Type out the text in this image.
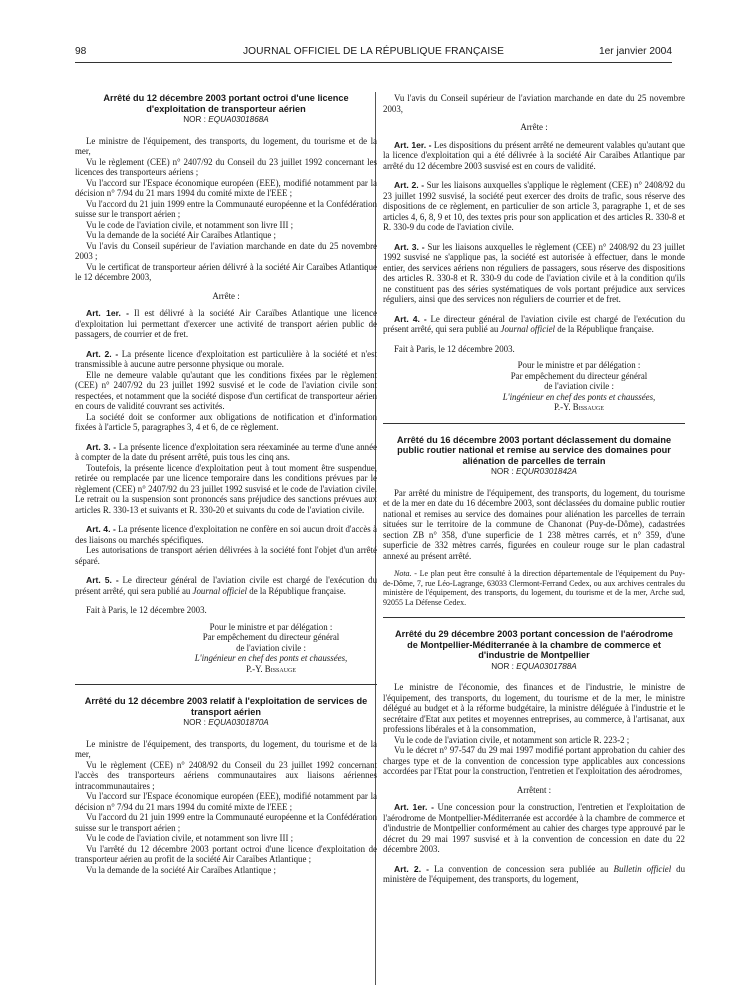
98	JOURNAL OFFICIEL DE LA RÉPUBLIQUE FRANÇAISE	1er janvier 2004
Arrêté du 12 décembre 2003 portant octroi d'une licence d'exploitation de transporteur aérien
NOR : EQUA0301868A

Le ministre de l'équipement, des transports, du logement, du tourisme et de la mer,

Vu le règlement (CEE) n° 2407/92 du Conseil du 23 juillet 1992 concernant les licences des transporteurs aériens ;

Vu l'accord sur l'Espace économique européen (EEE), modifié notamment par la décision n° 7/94 du 21 mars 1994 du comité mixte de l'EEE ;

Vu l'accord du 21 juin 1999 entre la Communauté européenne et la Confédération suisse sur le transport aérien ;

Vu le code de l'aviation civile, et notamment son livre III ;

Vu la demande de la société Air Caraïbes Atlantique ;

Vu l'avis du Conseil supérieur de l'aviation marchande en date du 25 novembre 2003 ;

Vu le certificat de transporteur aérien délivré à la société Air Caraïbes Atlantique le 12 décembre 2003,

Arrête :

Art. 1er. - Il est délivré à la société Air Caraïbes Atlantique une licence d'exploitation lui permettant d'exercer une activité de transport aérien public de passagers, de courrier et de fret.

Art. 2. - La présente licence d'exploitation est particulière à la société et n'est transmissible à aucune autre personne physique ou morale.

Elle ne demeure valable qu'autant que les conditions fixées par le règlement (CEE) n° 2407/92 du 23 juillet 1992 susvisé et le code de l'aviation civile sont respectées, et notamment que la société dispose d'un certificat de transporteur aérien en cours de validité couvrant ses activités.

La société doit se conformer aux obligations de notification et d'information fixées à l'article 5, paragraphes 3, 4 et 6, de ce règlement.

Art. 3. - La présente licence d'exploitation sera réexaminée au terme d'une année à compter de la date du présent arrêté, puis tous les cinq ans.

Toutefois, la présente licence d'exploitation peut à tout moment être suspendue, retirée ou remplacée par une licence temporaire dans les conditions prévues par le règlement (CEE) n° 2407/92 du 23 juillet 1992 susvisé et le code de l'aviation civile. Le retrait ou la suspension sont prononcés sans préjudice des sanctions prévues aux articles R. 330-13 et suivants et R. 330-20 et suivants du code de l'aviation civile.

Art. 4. - La présente licence d'exploitation ne confère en soi aucun droit d'accès à des liaisons ou marchés spécifiques.

Les autorisations de transport aérien délivrées à la société font l'objet d'un arrêté séparé.

Art. 5. - Le directeur général de l'aviation civile est chargé de l'exécution du présent arrêté, qui sera publié au Journal officiel de la République française.

Fait à Paris, le 12 décembre 2003.

Pour le ministre et par délégation :

Par empêchement du directeur général

de l'aviation civile :

L'ingénieur en chef des ponts et chaussées,

P.-Y. Bissauge

Arrêté du 12 décembre 2003 relatif à l'exploitation de services de transport aérien
NOR : EQUA0301870A

Le ministre de l'équipement, des transports, du logement, du tourisme et de la mer,

Vu le règlement (CEE) n° 2408/92 du Conseil du 23 juillet 1992 concernant l'accès des transporteurs aériens communautaires aux liaisons aériennes intracommunautaires ;

Vu l'accord sur l'Espace économique européen (EEE), modifié notamment par la décision n° 7/94 du 21 mars 1994 du comité mixte de l'EEE ;

Vu l'accord du 21 juin 1999 entre la Communauté européenne et la Confédération suisse sur le transport aérien ;

Vu le code de l'aviation civile, et notamment son livre III ;

Vu l'arrêté du 12 décembre 2003 portant octroi d'une licence d'exploitation de transporteur aérien au profit de la société Air Caraïbes Atlantique ;

Vu la demande de la société Air Caraïbes Atlantique ;

Vu l'avis du Conseil supérieur de l'aviation marchande en date du 25 novembre 2003,

Arrête :

Art. 1er. - Les dispositions du présent arrêté ne demeurent valables qu'autant que la licence d'exploitation qui a été délivrée à la société Air Caraïbes Atlantique par arrêté du 12 décembre 2003 susvisé est en cours de validité.

Art. 2. - Sur les liaisons auxquelles s'applique le règlement (CEE) n° 2408/92 du 23 juillet 1992 susvisé, la société peut exercer des droits de trafic, sous réserve des dispositions de ce règlement, en particulier de son article 3, paragraphe 1, et de ses articles 4, 6, 8, 9 et 10, des textes pris pour son application et des articles R. 330-8 et R. 330-9 du code de l'aviation civile.

Art. 3. - Sur les liaisons auxquelles le règlement (CEE) n° 2408/92 du 23 juillet 1992 susvisé ne s'applique pas, la société est autorisée à effectuer, dans le monde entier, des services aériens non réguliers de passagers, sous réserve des dispositions des articles R. 330-8 et R. 330-9 du code de l'aviation civile et à la condition qu'ils ne constituent pas des séries systématiques de vols portant préjudice aux services réguliers, ainsi que des services non réguliers de courrier et de fret.

Art. 4. - Le directeur général de l'aviation civile est chargé de l'exécution du présent arrêté, qui sera publié au Journal officiel de la République française.

Fait à Paris, le 12 décembre 2003.

Pour le ministre et par délégation :

Par empêchement du directeur général

de l'aviation civile :

L'ingénieur en chef des ponts et chaussées,

P.-Y. Bissauge

Arrêté du 16 décembre 2003 portant déclassement du domaine public routier national et remise au service des domaines pour aliénation de parcelles de terrain
NOR : EQUR0301842A

Par arrêté du ministre de l'équipement, des transports, du logement, du tourisme et de la mer en date du 16 décembre 2003, sont déclassées du domaine public routier national et remises au service des domaines pour aliénation les parcelles de terrain situées sur le territoire de la commune de Chanonat (Puy-de-Dôme), cadastrées section ZB n° 358, d'une superficie de 1 238 mètres carrés, et n° 359, d'une superficie de 332 mètres carrés, figurées en couleur rouge sur le plan cadastral annexé au présent arrêté.

Nota. - Le plan peut être consulté à la direction départementale de l'équipement du Puy-de-Dôme, 7, rue Léo-Lagrange, 63033 Clermont-Ferrand Cedex, ou aux archives centrales du ministère de l'équipement, des transports, du logement, du tourisme et de la mer, Arche sud, 92055 La Défense Cedex.

Arrêté du 29 décembre 2003 portant concession de l'aérodrome de Montpellier-Méditerranée à la chambre de commerce et d'industrie de Montpellier
NOR : EQUA0301788A

Le ministre de l'économie, des finances et de l'industrie, le ministre de l'équipement, des transports, du logement, du tourisme et de la mer, le ministre délégué au budget et à la réforme budgétaire, la ministre déléguée à l'industrie et le secrétaire d'Etat aux petites et moyennes entreprises, au commerce, à l'artisanat, aux professions libérales et à la consommation,

Vu le code de l'aviation civile, et notamment son article R. 223-2 ;

Vu le décret n° 97-547 du 29 mai 1997 modifié portant approbation du cahier des charges type et de la convention de concession type applicables aux concessions accordées par l'Etat pour la construction, l'entretien et l'exploitation des aérodromes,

Arrêtent :

Art. 1er. - Une concession pour la construction, l'entretien et l'exploitation de l'aérodrome de Montpellier-Méditerranée est accordée à la chambre de commerce et d'industrie de Montpellier conformément au cahier des charges type approuvé par le décret du 29 mai 1997 susvisé et à la convention de concession en date du 22 décembre 2003.

Art. 2. - La convention de concession sera publiée au Bulletin officiel du ministère de l'équipement, des transports, du logement,
